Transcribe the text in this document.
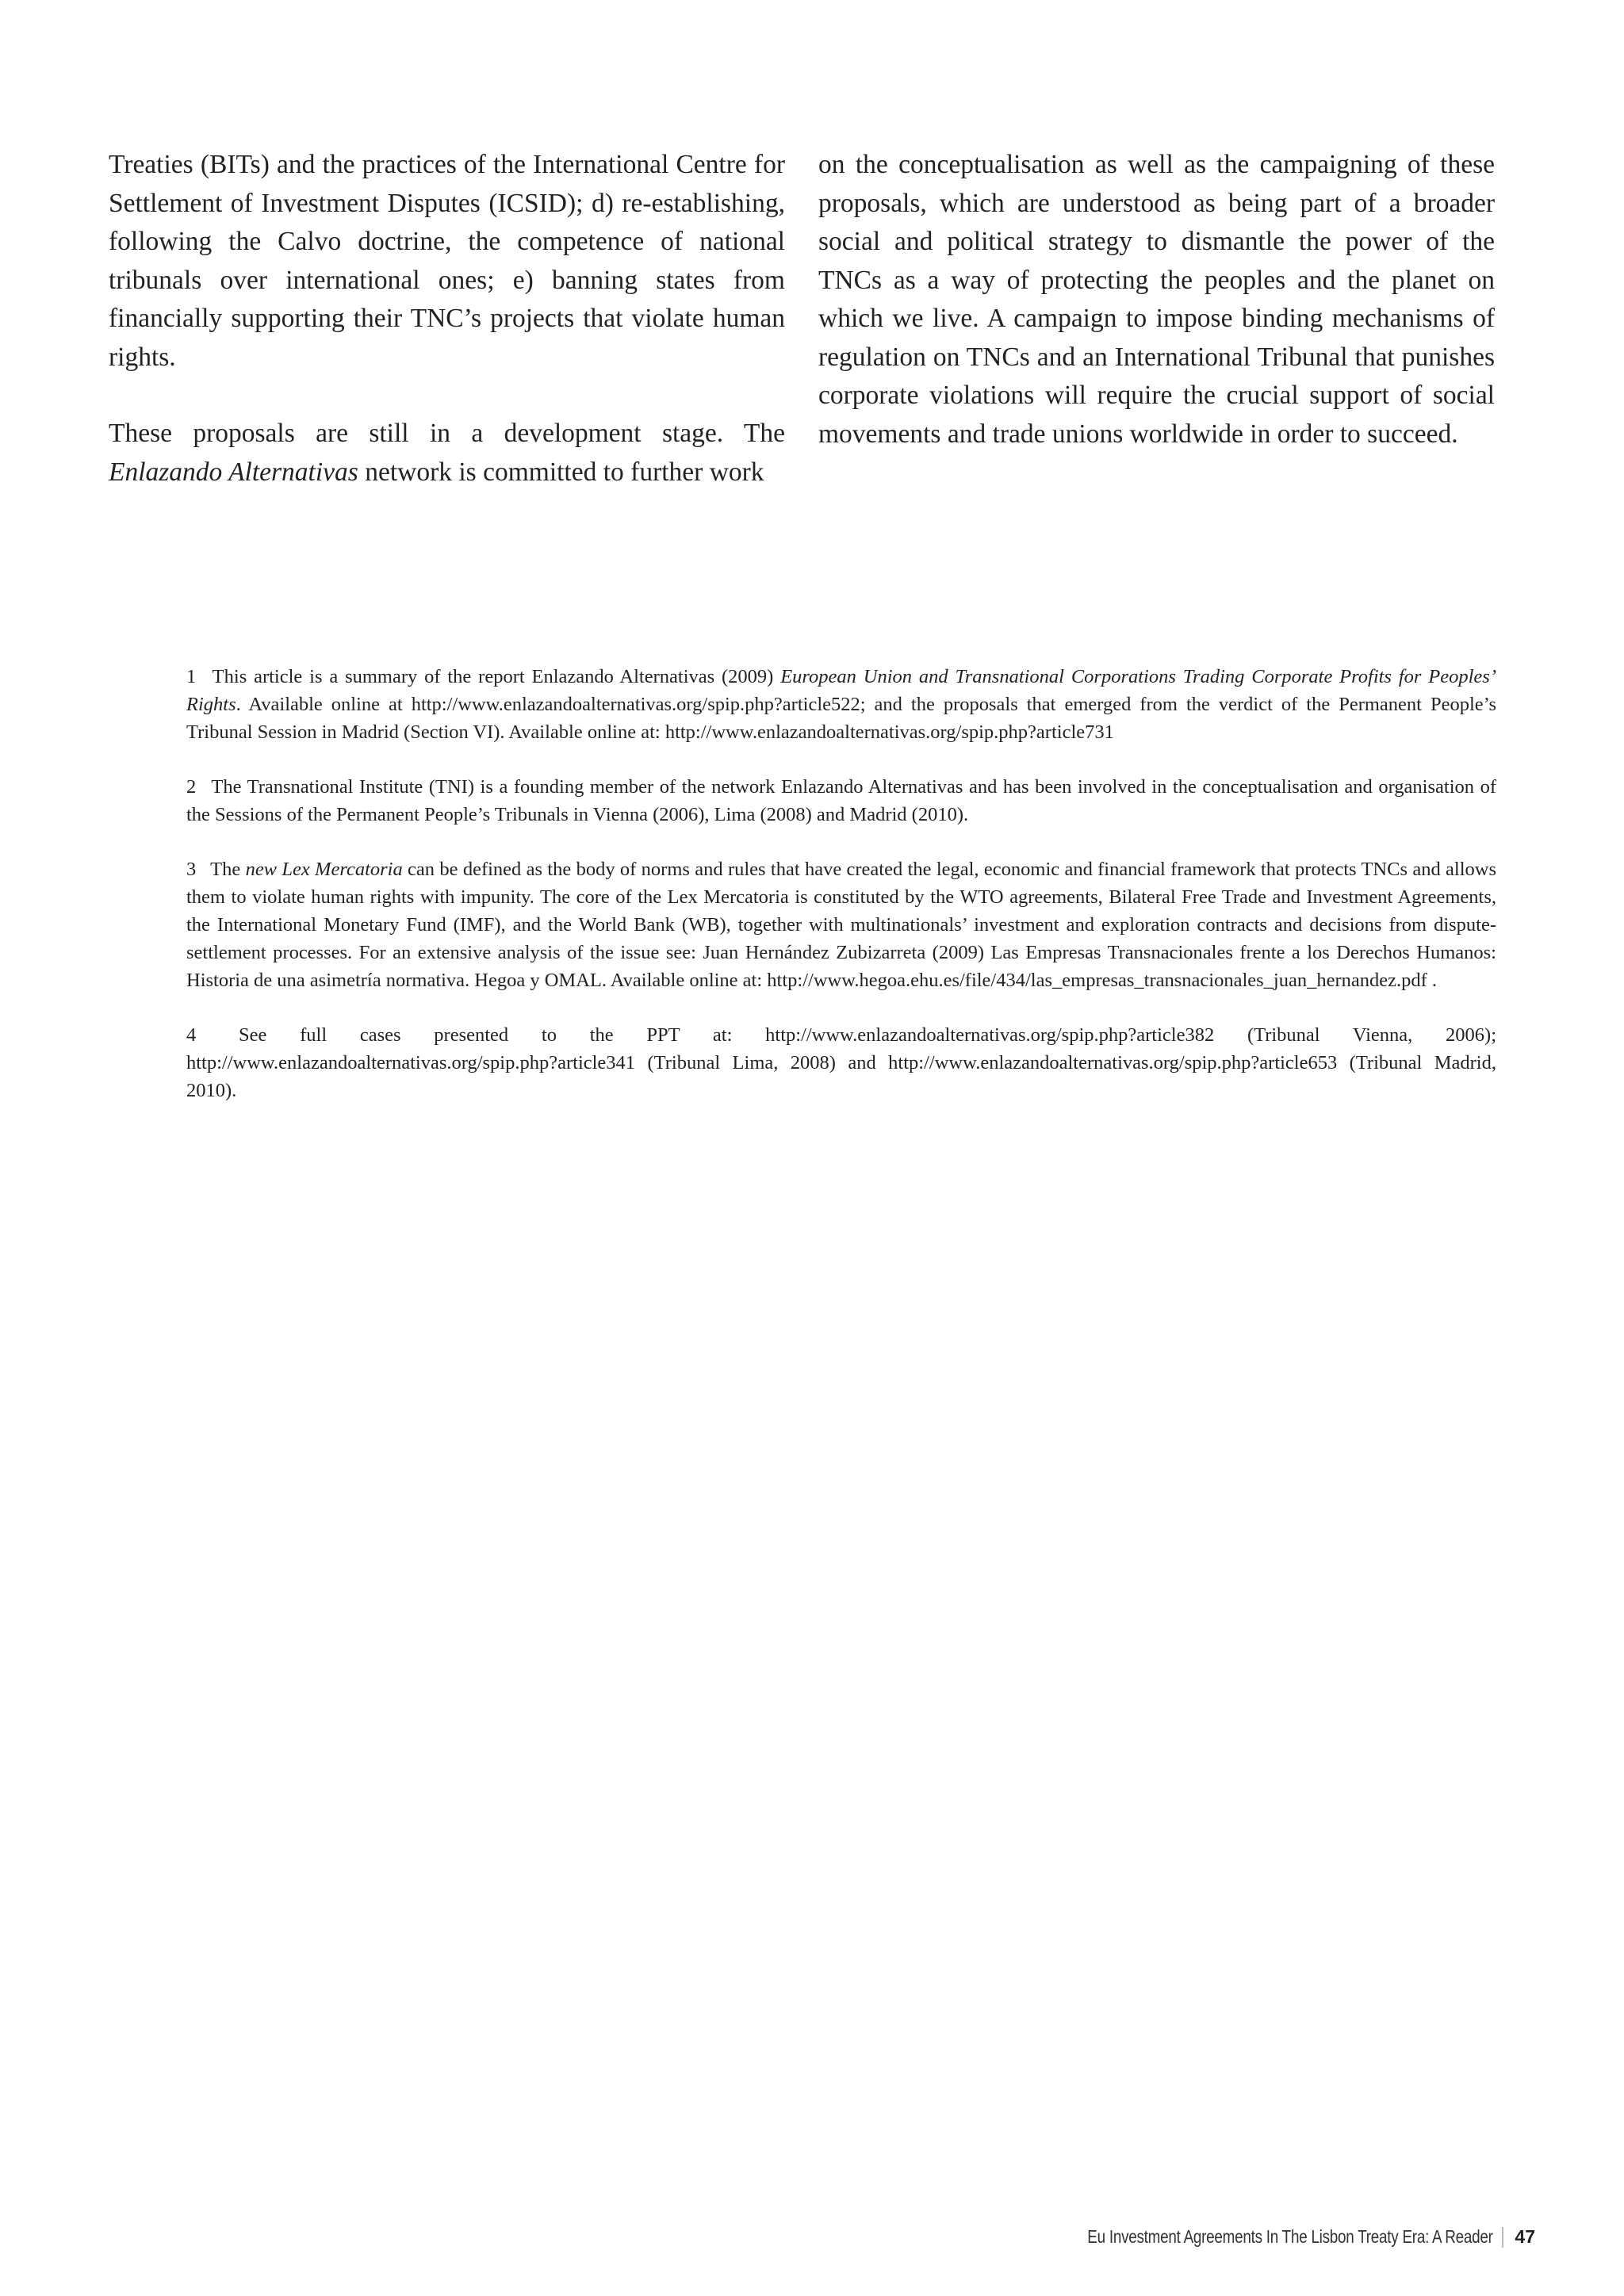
Treaties (BITs) and the practices of the International Centre for Settlement of Investment Disputes (ICSID); d) re-establishing, following the Calvo doctrine, the competence of national tribunals over international ones; e) banning states from financially supporting their TNC’s projects that violate human rights.

These proposals are still in a development stage. The Enlazando Alternativas network is committed to further work

on the conceptualisation as well as the campaigning of these proposals, which are understood as being part of a broader social and political strategy to dismantle the power of the TNCs as a way of protecting the peoples and the planet on which we live. A campaign to impose binding mechanisms of regulation on TNCs and an International Tribunal that punishes corporate violations will require the crucial support of social movements and trade unions worldwide in order to succeed.

1 This article is a summary of the report Enlazando Alternativas (2009) European Union and Transnational Corporations Trading Corporate Profits for Peoples’ Rights. Available online at http://www.enlazandoalternativas.org/spip.php?article522; and the proposals that emerged from the verdict of the Permanent People’s Tribunal Session in Madrid (Section VI). Available online at: http://www.enlazandoalternativas.org/spip.php?article731

2 The Transnational Institute (TNI) is a founding member of the network Enlazando Alternativas and has been involved in the conceptualisation and organisation of the Sessions of the Permanent People’s Tribunals in Vienna (2006), Lima (2008) and Madrid (2010).

3 The new Lex Mercatoria can be defined as the body of norms and rules that have created the legal, economic and financial framework that protects TNCs and allows them to violate human rights with impunity. The core of the Lex Mercatoria is constituted by the WTO agreements, Bilateral Free Trade and Investment Agreements, the International Monetary Fund (IMF), and the World Bank (WB), together with multinationals’ investment and exploration contracts and decisions from dispute-settlement processes. For an extensive analysis of the issue see: Juan Hernández Zubizarreta (2009) Las Empresas Transnacionales frente a los Derechos Humanos: Historia de una asimetría normativa. Hegoa y OMAL. Available online at: http://www.hegoa.ehu.es/file/434/las_empresas_transnacionales_juan_hernandez.pdf .

4 See full cases presented to the PPT at: http://www.enlazandoalternativas.org/spip.php?article382 (Tribunal Vienna, 2006); http://www.enlazandoalternativas.org/spip.php?article341 (Tribunal Lima, 2008) and http://www.enlazandoalternativas.org/spip.php?article653 (Tribunal Madrid, 2010).

Eu Investment Agreements In The Lisbon Treaty Era: A Reader 47
